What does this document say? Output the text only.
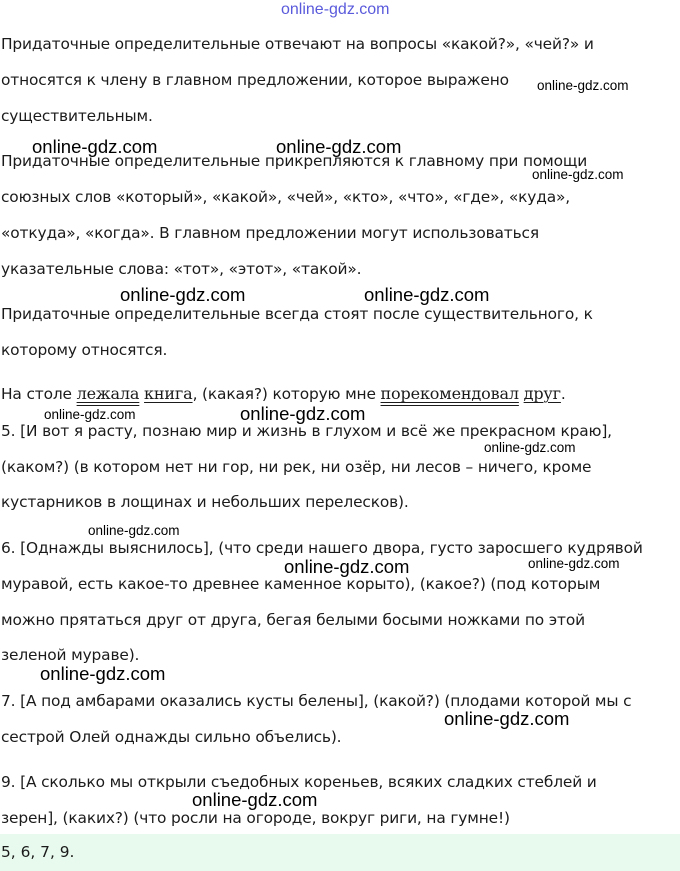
online-gdz.com
Придаточные определительные отвечают на вопросы «какой?», «чей?» и
относятся к члену в главном предложении, которое выражено
существительным.
Придаточные определительные прикрепляются к главному при помощи
союзных слов «который», «какой», «чей», «кто», «что», «где», «куда»,
«откуда», «когда». В главном предложении могут использоваться
указательные слова: «тот», «этот», «такой».
Придаточные определительные всегда стоят после существительного, к
которому относятся.
На столе лежала книга, (какая?) которую мне порекомендовал друг.
5. [И вот я расту, познаю мир и жизнь в глухом и всё же прекрасном краю],
(каком?) (в котором нет ни гор, ни рек, ни озёр, ни лесов – ничего, кроме
кустарников в лощинах и небольших перелесков).
6. [Однажды выяснилось], (что среди нашего двора, густо заросшего кудрявой
муравой, есть какое-то древнее каменное корыто), (какое?) (под которым
можно прятаться друг от друга, бегая белыми босыми ножками по этой
зеленой мураве).
7. [А под амбарами оказались кусты белены], (какой?) (плодами которой мы с
сестрой Олей однажды сильно объелись).
9. [А сколько мы открыли съедобных кореньев, всяких сладких стеблей и
зерен], (каких?) (что росли на огороде, вокруг риги, на гумне!)
5, 6, 7, 9.
online-gdz.com
online-gdz.com	online-gdz.com
online-gdz.com
online-gdz.com	online-gdz.com
online-gdz.com	online-gdz.com
online-gdz.com
online-gdz.com
online-gdz.com	online-gdz.com
online-gdz.com
online-gdz.com
online-gdz.com
